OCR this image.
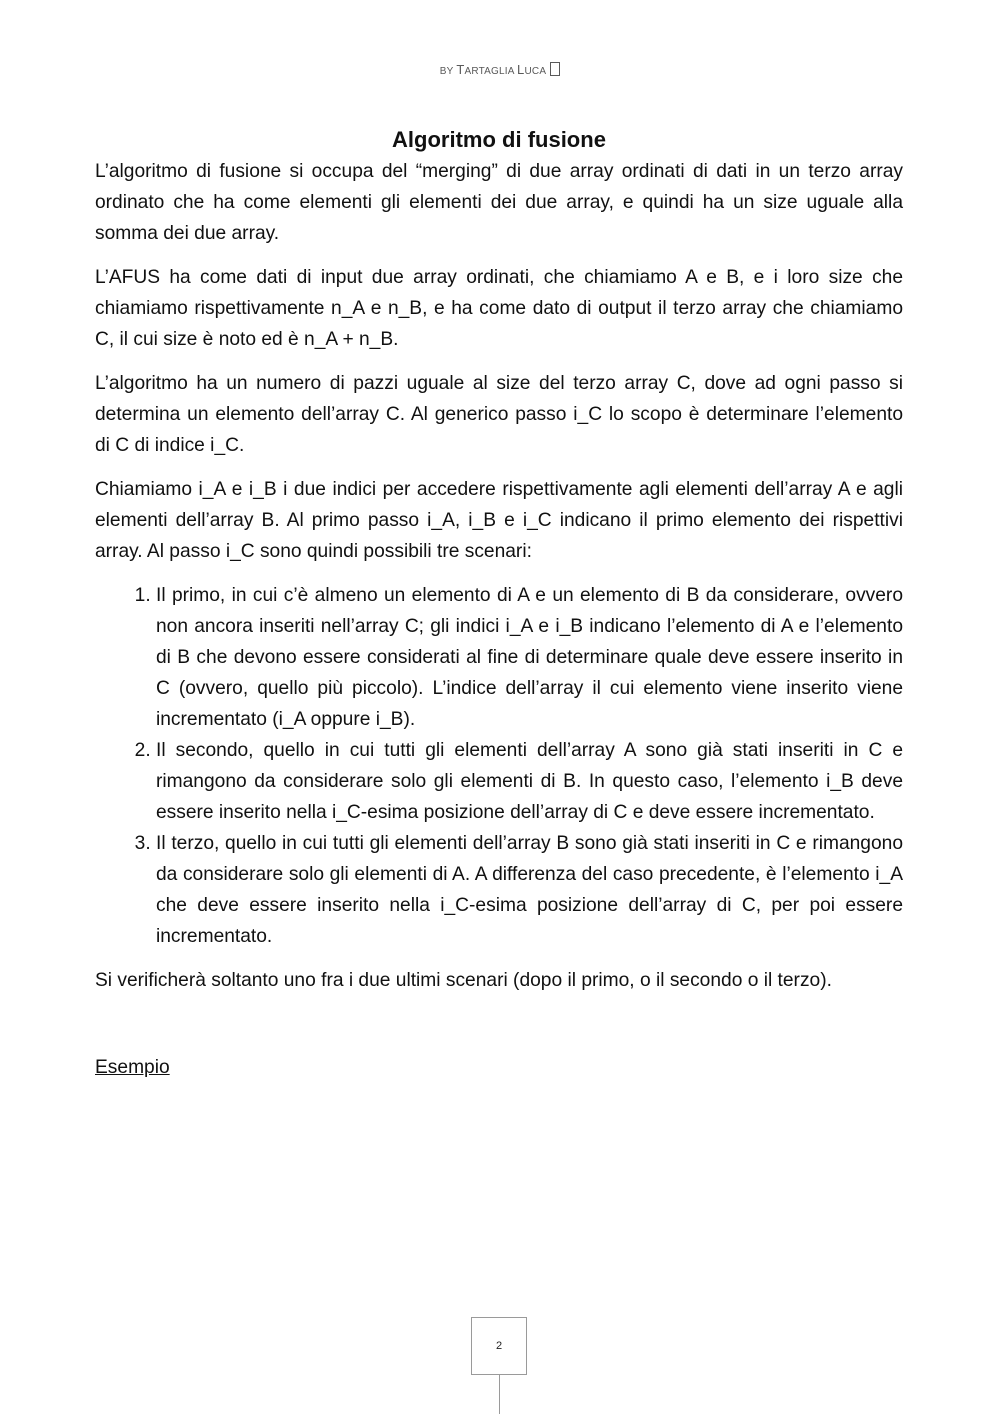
BY TARTAGLIA LUCA
Algoritmo di fusione

L’algoritmo di fusione si occupa del “merging” di due array ordinati di dati in un terzo array ordinato che ha come elementi gli elementi dei due array, e quindi ha un size uguale alla somma dei due array.

L’AFUS ha come dati di input due array ordinati, che chiamiamo A e B, e i loro size che chiamiamo rispettivamente n_A e n_B, e ha come dato di output il terzo array che chiamiamo C, il cui size è noto ed è n_A + n_B.

L’algoritmo ha un numero di pazzi uguale al size del terzo array C, dove ad ogni passo si determina un elemento dell’array C. Al generico passo i_C lo scopo è determinare l’elemento di C di indice i_C.

Chiamiamo i_A e i_B i due indici per accedere rispettivamente agli elementi dell’array A e agli elementi dell’array B. Al primo passo i_A, i_B e i_C indicano il primo elemento dei rispettivi array. Al passo i_C sono quindi possibili tre scenari:

1. Il primo, in cui c’è almeno un elemento di A e un elemento di B da considerare, ovvero non ancora inseriti nell’array C; gli indici i_A e i_B indicano l’elemento di A e l’elemento di B che devono essere considerati al fine di determinare quale deve essere inserito in C (ovvero, quello più piccolo). L’indice dell’array il cui elemento viene inserito viene incrementato (i_A oppure i_B).
2. Il secondo, quello in cui tutti gli elementi dell’array A sono già stati inseriti in C e rimangono da considerare solo gli elementi di B. In questo caso, l’elemento i_B deve essere inserito nella i_C-esima posizione dell’array di C e deve essere incrementato.
3. Il terzo, quello in cui tutti gli elementi dell’array B sono già stati inseriti in C e rimangono da considerare solo gli elementi di A. A differenza del caso precedente, è l’elemento i_A che deve essere inserito nella i_C-esima posizione dell’array di C, per poi essere incrementato.

Si verificherà soltanto uno fra i due ultimi scenari (dopo il primo, o il secondo o il terzo).

Esempio
2
